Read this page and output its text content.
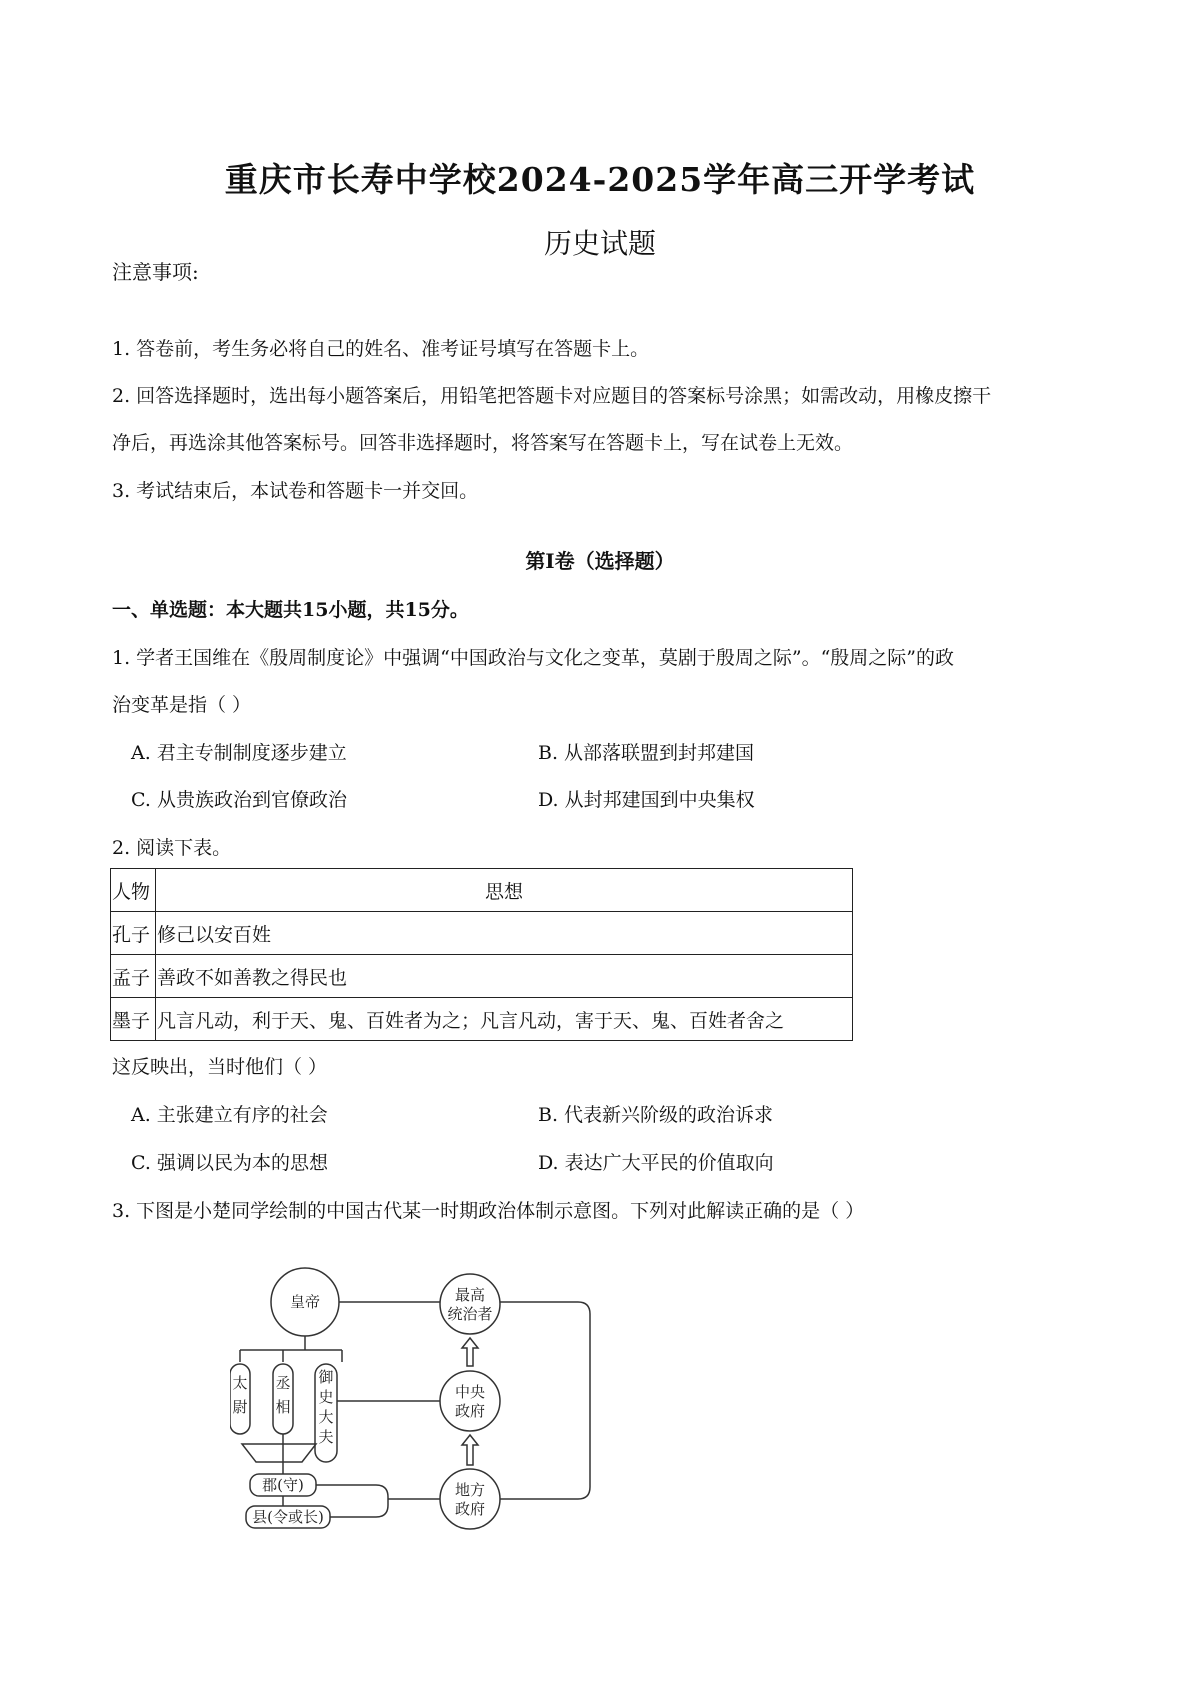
重庆市长寿中学校2024-2025学年高三开学考试
历史试题
注意事项:
1. 答卷前，考生务必将自己的姓名、准考证号填写在答题卡上。
2. 回答选择题时，选出每小题答案后，用铅笔把答题卡对应题目的答案标号涂黑；如需改动，用橡皮擦干
净后，再选涂其他答案标号。回答非选择题时，将答案写在答题卡上，写在试卷上无效。
3. 考试结束后，本试卷和答题卡一并交回。
第I卷（选择题）
一、单选题：本大题共15小题，共15分。
1. 学者王国维在《殷周制度论》中强调“中国政治与文化之变革，莫剧于殷周之际”。“殷周之际”的政
治变革是指（ ）
A. 君主专制制度逐步建立	B. 从部落联盟到封邦建国
C. 从贵族政治到官僚政治	D. 从封邦建国到中央集权
2. 阅读下表。
人物	思想
孔子	修己以安百姓
孟子	善政不如善教之得民也
墨子	凡言凡动，利于天、鬼、百姓者为之；凡言凡动，害于天、鬼、百姓者舍之
这反映出，当时他们（ ）
A. 主张建立有序的社会	B. 代表新兴阶级的政治诉求
C. 强调以民为本的思想	D. 表达广大平民的价值取向
3. 下图是小楚同学绘制的中国古代某一时期政治体制示意图。下列对此解读正确的是（ ）
皇帝
太
尉
丞
相
御
史
大
夫
郡(守)
县(令或长)
最高
统治者
中央
政府
地方
政府
